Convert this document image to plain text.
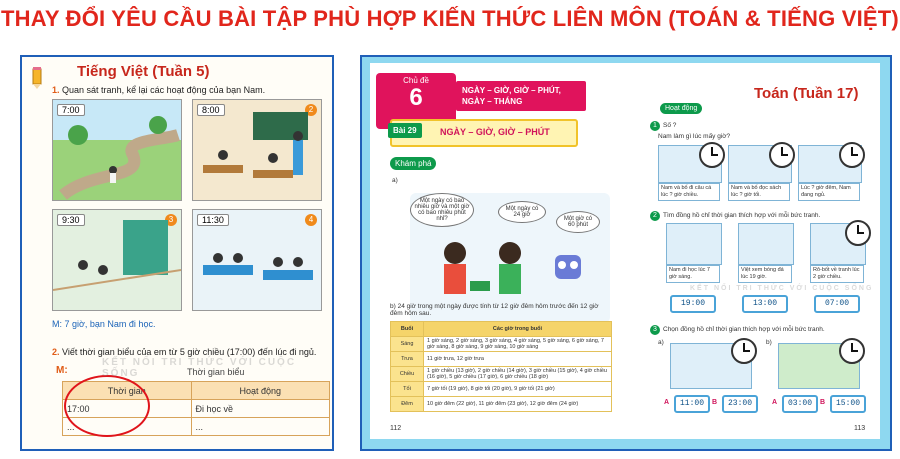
THAY ĐỔI YÊU CẦU BÀI TẬP PHÙ HỢP KIẾN THỨC LIÊN MÔN (TOÁN & TIẾNG VIỆT)
Tiếng Việt (Tuần 5)
1. Quan sát tranh, kể lại các hoạt động của bạn Nam.
7:00	8:00	2
9:30	3	11:30	4
M: 7 giờ, bạn Nam đi học.
2. Viết thời gian biểu của em từ 5 giờ chiều (17:00) đến lúc đi ngủ.
M:	Thời gian biểu
Thời gian	Hoạt động
17:00	Đi học về
...	...
KẾT NỐI TRI THỨC VỚI CUỘC SỐNG
Chủ đề
6	NGÀY – GIỜ, GIỜ – PHÚT, NGÀY – THÁNG
Bài 29	NGÀY – GIỜ, GIỜ – PHÚT
Khám phá
a)
Một ngày có bao nhiêu giờ và một giờ có bao nhiêu phút nhỉ?
Một ngày có 24 giờ
Một giờ có 60 phút
b) 24 giờ trong một ngày được tính từ 12 giờ đêm hôm trước đến 12 giờ đêm hôm sau.
Buổi	Các giờ trong buổi
Sáng	1 giờ sáng, 2 giờ sáng, 3 giờ sáng, 4 giờ sáng, 5 giờ sáng, 6 giờ sáng, 7 giờ sáng, 8 giờ sáng, 9 giờ sáng, 10 giờ sáng
Trưa	11 giờ trưa, 12 giờ trưa
Chiều	1 giờ chiều (13 giờ), 2 giờ chiều (14 giờ), 3 giờ chiều (15 giờ), 4 giờ chiều (16 giờ), 5 giờ chiều (17 giờ), 6 giờ chiều (18 giờ)
Tối	7 giờ tối (19 giờ), 8 giờ tối (20 giờ), 9 giờ tối (21 giờ)
Đêm	10 giờ đêm (22 giờ), 11 giờ đêm (23 giờ), 12 giờ đêm (24 giờ)
112	113
Toán (Tuần 17)
Hoạt động
1 Số ?
Nam làm gì lúc mấy giờ?
Nam và bố đi câu cá lúc ? giờ chiều.
Nam và bố đọc sách lúc ? giờ tối.
Lúc ? giờ đêm, Nam đang ngủ.
2 Tìm đồng hồ chỉ thời gian thích hợp với mỗi bức tranh.
Nam đi học lúc 7 giờ sáng.
Việt xem bóng đá lúc 19 giờ.
Rô-bốt về tranh lúc 2 giờ chiều.
19:00	13:00	07:00
3 Chọn đồng hồ chỉ thời gian thích hợp với mỗi bức tranh.
a)	b)
A	11:00	B	23:00	A	03:00	B	15:00
KẾT NỐI TRI THỨC VỚI CUỘC SỐNG
